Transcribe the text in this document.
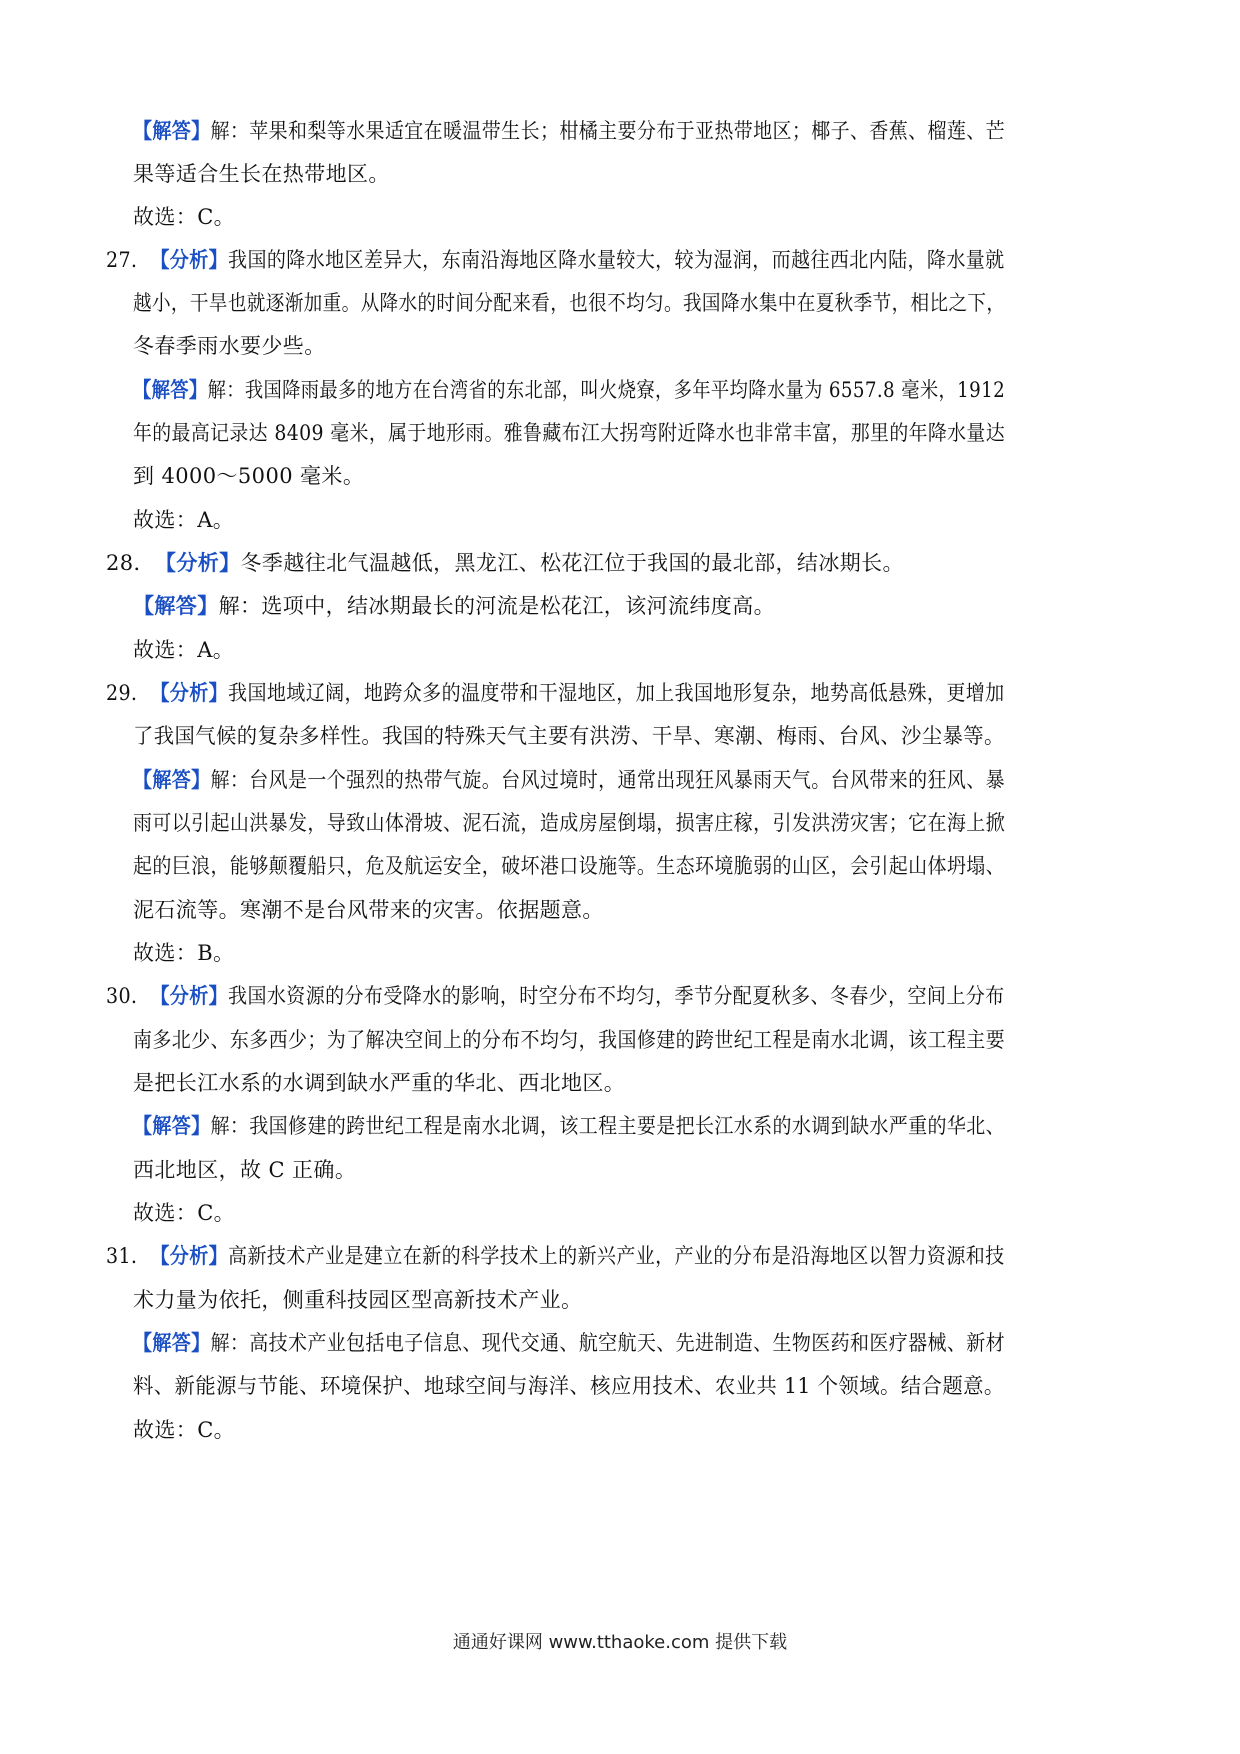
【解答】解：苹果和梨等水果适宜在暖温带生长；柑橘主要分布于亚热带地区；椰子、香蕉、榴莲、芒
果等适合生长在热带地区。
故选：C。
27．【分析】我国的降水地区差异大，东南沿海地区降水量较大，较为湿润，而越往西北内陆，降水量就
越小，干旱也就逐渐加重。从降水的时间分配来看，也很不均匀。我国降水集中在夏秋季节，相比之下，
冬春季雨水要少些。
【解答】解：我国降雨最多的地方在台湾省的东北部，叫火烧寮，多年平均降水量为 6557.8 毫米，1912
年的最高记录达 8409 毫米，属于地形雨。雅鲁藏布江大拐弯附近降水也非常丰富，那里的年降水量达
到 4000～5000 毫米。
故选：A。
28．【分析】冬季越往北气温越低，黑龙江、松花江位于我国的最北部，结冰期长。
【解答】解：选项中，结冰期最长的河流是松花江，该河流纬度高。
故选：A。
29．【分析】我国地域辽阔，地跨众多的温度带和干湿地区，加上我国地形复杂，地势高低悬殊，更增加
了我国气候的复杂多样性。我国的特殊天气主要有洪涝、干旱、寒潮、梅雨、台风、沙尘暴等。
【解答】解：台风是一个强烈的热带气旋。台风过境时，通常出现狂风暴雨天气。台风带来的狂风、暴
雨可以引起山洪暴发，导致山体滑坡、泥石流，造成房屋倒塌，损害庄稼，引发洪涝灾害；它在海上掀
起的巨浪，能够颠覆船只，危及航运安全，破坏港口设施等。生态环境脆弱的山区，会引起山体坍塌、
泥石流等。寒潮不是台风带来的灾害。依据题意。
故选：B。
30．【分析】我国水资源的分布受降水的影响，时空分布不均匀，季节分配夏秋多、冬春少，空间上分布
南多北少、东多西少；为了解决空间上的分布不均匀，我国修建的跨世纪工程是南水北调，该工程主要
是把长江水系的水调到缺水严重的华北、西北地区。
【解答】解：我国修建的跨世纪工程是南水北调，该工程主要是把长江水系的水调到缺水严重的华北、
西北地区，故 C 正确。
故选：C。
31．【分析】高新技术产业是建立在新的科学技术上的新兴产业，产业的分布是沿海地区以智力资源和技
术力量为依托，侧重科技园区型高新技术产业。
【解答】解：高技术产业包括电子信息、现代交通、航空航天、先进制造、生物医药和医疗器械、新材
料、新能源与节能、环境保护、地球空间与海洋、核应用技术、农业共 11 个领域。结合题意。
故选：C。
通通好课网 www.tthaoke.com 提供下载
